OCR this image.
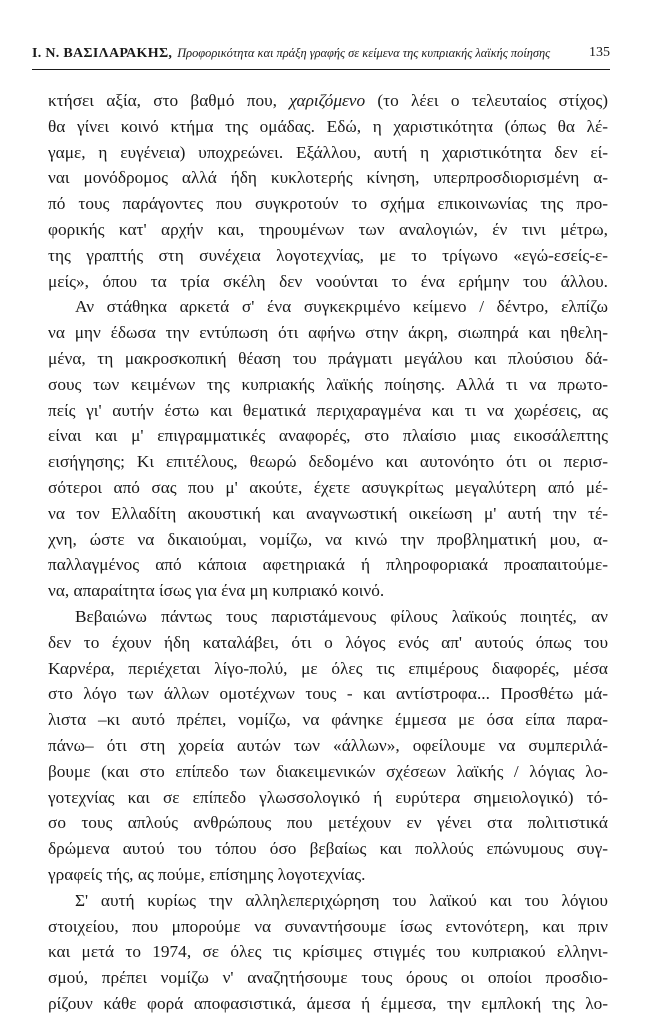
Ι. Ν. ΒΑΣΙΛΑΡΑΚΗΣ, Προφορικότητα και πράξη γραφής σε κείμενα της κυπριακής λαϊκής ποίησης	135
κτήσει αξία, στο βαθμό που, χαριζόμενο (το λέει ο τελευταίος στίχος)
θα γίνει κοινό κτήμα της ομάδας. Εδώ, η χαριστικότητα (όπως θα λέ-
γαμε, η ευγένεια) υποχρεώνει. Εξάλλου, αυτή η χαριστικότητα δεν εί-
ναι μονόδρομος αλλά ήδη κυκλοτερής κίνηση, υπερπροσδιορισμένη α-
πό τους παράγοντες που συγκροτούν το σχήμα επικοινωνίας της προ-
φορικής κατ' αρχήν και, τηρουμένων των αναλογιών, έν τινι μέτρω,
της γραπτής στη συνέχεια λογοτεχνίας, με το τρίγωνο «εγώ-εσείς-ε-
μείς», όπου τα τρία σκέλη δεν νοούνται το ένα ερήμην του άλλου.
Αν στάθηκα αρκετά σ' ένα συγκεκριμένο κείμενο / δέντρο, ελπίζω
να μην έδωσα την εντύπωση ότι αφήνω στην άκρη, σιωπηρά και ηθελη-
μένα, τη μακροσκοπική θέαση του πράγματι μεγάλου και πλούσιου δά-
σους των κειμένων της κυπριακής λαϊκής ποίησης. Αλλά τι να πρωτο-
πείς γι' αυτήν έστω και θεματικά περιχαραγμένα και τι να χωρέσεις, ας
είναι και μ' επιγραμματικές αναφορές, στο πλαίσιο μιας εικοσάλεπτης
εισήγησης; Κι επιτέλους, θεωρώ δεδομένο και αυτονόητο ότι οι περισ-
σότεροι από σας που μ' ακούτε, έχετε ασυγκρίτως μεγαλύτερη από μέ-
να τον Ελλαδίτη ακουστική και αναγνωστική οικείωση μ' αυτή την τέ-
χνη, ώστε να δικαιούμαι, νομίζω, να κινώ την προβληματική μου, α-
παλλαγμένος από κάποια αφετηριακά ή πληροφοριακά προαπαιτούμε-
να, απαραίτητα ίσως για ένα μη κυπριακό κοινό.
Βεβαιώνω πάντως τους παριστάμενους φίλους λαϊκούς ποιητές, αν
δεν το έχουν ήδη καταλάβει, ότι ο λόγος ενός απ' αυτούς όπως του
Καρνέρα, περιέχεται λίγο-πολύ, με όλες τις επιμέρους διαφορές, μέσα
στο λόγο των άλλων ομοτέχνων τους - και αντίστροφα... Προσθέτω μά-
λιστα –κι αυτό πρέπει, νομίζω, να φάνηκε έμμεσα με όσα είπα παρα-
πάνω– ότι στη χορεία αυτών των «άλλων», οφείλουμε να συμπεριλά-
βουμε (και στο επίπεδο των διακειμενικών σχέσεων λαϊκής / λόγιας λο-
γοτεχνίας και σε επίπεδο γλωσσολογικό ή ευρύτερα σημειολογικό) τό-
σο τους απλούς ανθρώπους που μετέχουν εν γένει στα πολιτιστικά
δρώμενα αυτού του τόπου όσο βεβαίως και πολλούς επώνυμους συγ-
γραφείς τής, ας πούμε, επίσημης λογοτεχνίας.
Σ' αυτή κυρίως την αλληλεπεριχώρηση του λαϊκού και του λόγιου
στοιχείου, που μπορούμε να συναντήσουμε ίσως εντονότερη, και πριν
και μετά το 1974, σε όλες τις κρίσιμες στιγμές του κυπριακού ελληνι-
σμού, πρέπει νομίζω ν' αναζητήσουμε τους όρους οι οποίοι προσδιο-
ρίζουν κάθε φορά αποφασιστικά, άμεσα ή έμμεσα, την εμπλοκή της λο-
